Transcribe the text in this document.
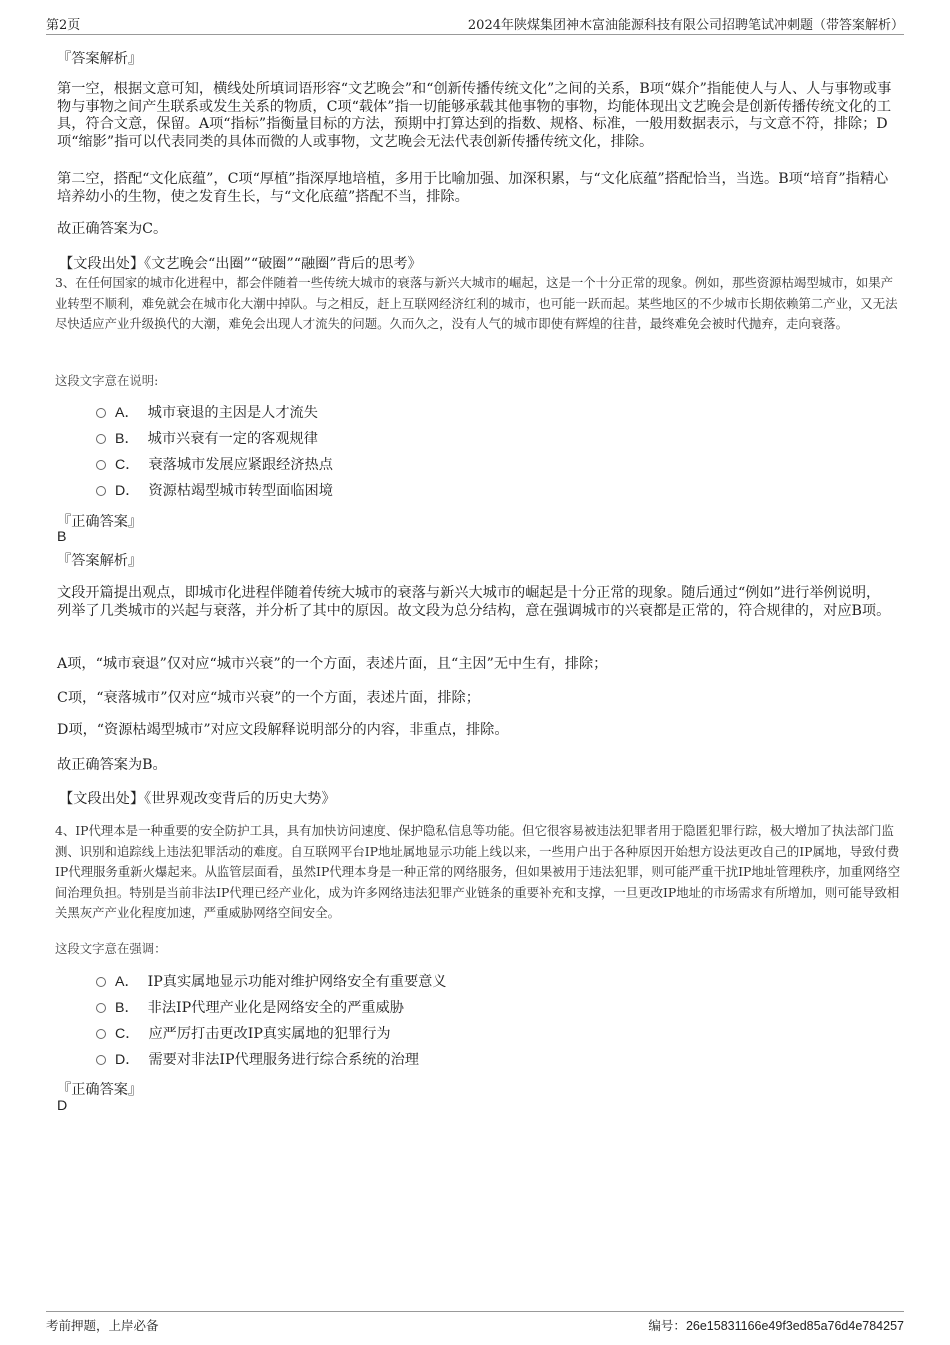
第2页	2024年陕煤集团神木富油能源科技有限公司招聘笔试冲刺题（带答案解析）
『答案解析』
第一空，根据文意可知，横线处所填词语形容“文艺晚会”和“创新传播传统文化”之间的关系，B项“媒介”指能使人与人、人与事物或事物与事物之间产生联系或发生关系的物质，C项“载体”指一切能够承载其他事物的事物，均能体现出文艺晚会是创新传播传统文化的工具，符合文意，保留。A项“指标”指衡量目标的方法，预期中打算达到的指数、规格、标准，一般用数据表示，与文意不符，排除；D项“缩影”指可以代表同类的具体而微的人或事物，文艺晚会无法代表创新传播传统文化，排除。
第二空，搭配“文化底蕴”，C项“厚植”指深厚地培植，多用于比喻加强、加深积累，与“文化底蕴”搭配恰当，当选。B项“培育”指精心培养幼小的生物，使之发育生长，与“文化底蕴”搭配不当，排除。
故正确答案为C。
【文段出处】《文艺晚会“出圈”“破圈”“融圈”背后的思考》
3、在任何国家的城市化进程中，都会伴随着一些传统大城市的衰落与新兴大城市的崛起，这是一个十分正常的现象。例如，那些资源枯竭型城市，如果产业转型不顺利，难免就会在城市化大潮中掉队。与之相反，赶上互联网经济红利的城市，也可能一跃而起。某些地区的不少城市长期依赖第二产业，又无法尽快适应产业升级换代的大潮，难免会出现人才流失的问题。久而久之，没有人气的城市即使有辉煌的往昔，最终难免会被时代抛弃，走向衰落。
这段文字意在说明:
A． 城市衰退的主因是人才流失
B． 城市兴衰有一定的客观规律
C． 衰落城市发展应紧跟经济热点
D． 资源枯竭型城市转型面临困境
『正确答案』
B
『答案解析』
文段开篇提出观点，即城市化进程伴随着传统大城市的衰落与新兴大城市的崛起是十分正常的现象。随后通过“例如”进行举例说明，列举了几类城市的兴起与衰落，并分析了其中的原因。故文段为总分结构，意在强调城市的兴衰都是正常的，符合规律的，对应B项。
A项，“城市衰退”仅对应“城市兴衰”的一个方面，表述片面，且“主因”无中生有，排除；
C项，“衰落城市”仅对应“城市兴衰”的一个方面，表述片面，排除；
D项，“资源枯竭型城市”对应文段解释说明部分的内容，非重点，排除。
故正确答案为B。
【文段出处】《世界观改变背后的历史大势》
4、IP代理本是一种重要的安全防护工具，具有加快访问速度、保护隐私信息等功能。但它很容易被违法犯罪者用于隐匿犯罪行踪，极大增加了执法部门监测、识别和追踪线上违法犯罪活动的难度。自互联网平台IP地址属地显示功能上线以来，一些用户出于各种原因开始想方设法更改自己的IP属地，导致付费IP代理服务重新火爆起来。从监管层面看，虽然IP代理本身是一种正常的网络服务，但如果被用于违法犯罪，则可能严重干扰IP地址管理秩序，加重网络空间治理负担。特别是当前非法IP代理已经产业化，成为许多网络违法犯罪产业链条的重要补充和支撑，一旦更改IP地址的市场需求有所增加，则可能导致相关黑灰产产业化程度加速，严重威胁网络空间安全。
这段文字意在强调：
A． IP真实属地显示功能对维护网络安全有重要意义
B． 非法IP代理产业化是网络安全的严重威胁
C． 应严厉打击更改IP真实属地的犯罪行为
D． 需要对非法IP代理服务进行综合系统的治理
『正确答案』
D
考前押题，上岸必备	编号：26e15831166e49f3ed85a76d4e784257
